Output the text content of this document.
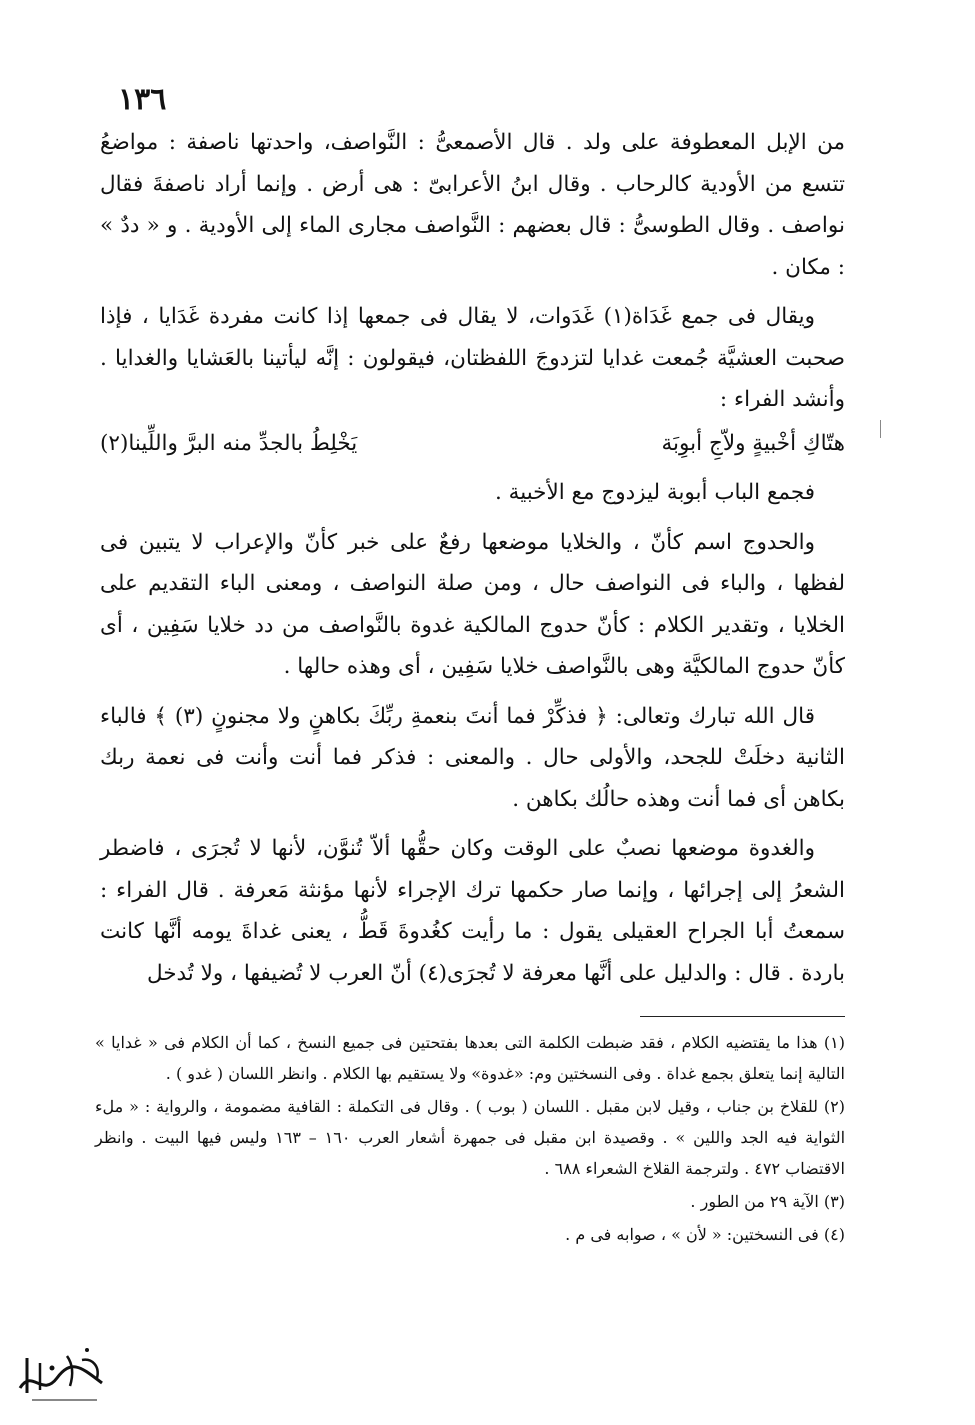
١٣٦

من الإبل المعطوفة على ولد . قال الأصمعىُّ : النَّواصف، واحدتها ناصفة : مواضعُ تتسع من الأودية كالرحاب . وقال ابنُ الأعرابىّ : هى أرض . وإنما أراد ناصفةَ فقال نواصف . وقال الطوسىُّ : قال بعضهم : النَّواصف مجارى الماء إلى الأودية . و « ددٌ » : مكان .

ويقال فى جمع غَدَاة(١) غَدَوات، لا يقال فى جمعها إذا كانت مفردة غَدَايا ، فإذا صحبت العشيَّة جُمعت غدايا لتزدوجَ اللفظتان، فيقولون : إنَّه ليأتينا بالعَشايا والغدايا . وأنشد الفراء :

هتّاكِ أخْبيةٍ ولاّجِ أبوِبَة
يَخْلِطُ بالجدِّ منه البرَّ واللِّينا(٢)

فجمع الباب أبوبة ليزدوج مع الأخبية .

والحدوج اسم كأنّ ، والخلايا موضعها رفعٌ على خبر كأنّ والإعراب لا يتبين فى لفظها ، والباء فى النواصف حال ، ومن صلة النواصف ، ومعنى الباء التقديم على الخلايا ، وتقدير الكلام : كأنّ حدوج المالكية غدوة بالنَّواصف من دد خلايا سَفِين ، أى كأنّ حدوج المالكيَّة وهى بالنَّواصف خلايا سَفِين ، أى وهذه حالها .

قال الله تبارك وتعالى: ﴿ فذكِّرْ فما أنتَ بنعمةِ ربِّكَ بكاهنٍ ولا مجنونٍ (٣) ﴾ فالباء الثانية دخلَتْ للجحد، والأولى حال . والمعنى : فذكر فما أنت وأنت فى نعمة ربك بكاهن أى فما أنت وهذه حالُك بكاهن .

والغدوة موضعها نصبٌ على الوقت وكان حقُّها ألاّ تُنوَّن، لأنها لا تُجرَى ، فاضطر الشعرُ إلى إجرائها ، وإنما صار حكمها ترك الإجراء لأنها مؤنثة مَعرفة . قال الفراء : سمعتُ أبا الجراح العقيلى يقول : ما رأيت كغُدوةَ قَطُّ ، يعنى غداةَ يومه أنَّها كانت باردة . قال : والدليل على أنَّها معرفة لا تُجرَى(٤) أنّ العرب لا تُضيفها ، ولا تُدخل

(١) هذا ما يقتضيه الكلام ، فقد ضبطت الكلمة التى بعدها بفتحتين فى جميع النسخ ، كما أن الكلام فى « غدايا » التالية إنما يتعلق بجمع غداة . وفى النسختين وم: «غدوة» ولا يستقيم بها الكلام . وانظر اللسان ( غدو ) .

(٢) للقلاخ بن جناب ، وقيل لابن مقبل . اللسان ( بوب ) . وقال فى التكملة : القافية مضمومة ، والرواية : « ملء الثواية فيه الجد واللين » . وقصيدة ابن مقبل فى جمهرة أشعار العرب ١٦٠ – ١٦٣ وليس فيها البيت . وانظر الاقتضاب ٤٧٢ . ولترجمة القلاخ الشعراء ٦٨٨ .

(٣) الآية ٢٩ من الطور .

(٤) فى النسختين: « لأن » ، صوابه فى م .
